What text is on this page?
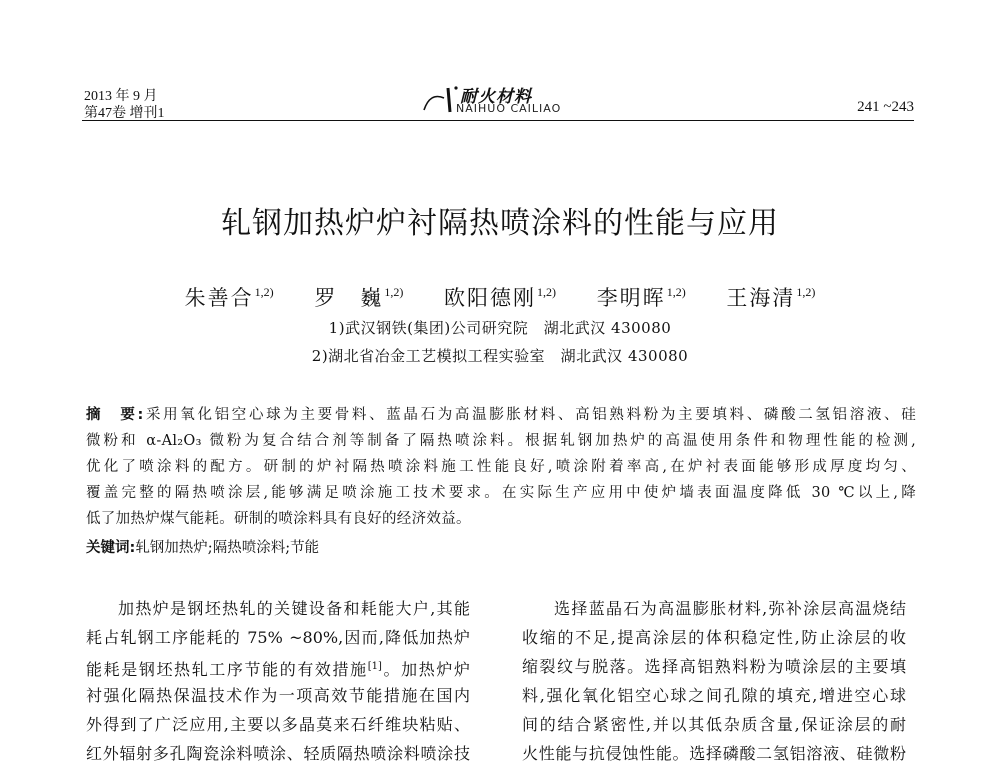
2013 年 9 月
第47卷 增刊1
耐火材料
NAIHUO CAILIAO	241 ~243
轧钢加热炉炉衬隔热喷涂料的性能与应用
朱善合$^{1,2)}$ 罗　巍$^{1,2)}$ 欧阳德刚$^{1,2)}$ 李明晖$^{1,2)}$ 王海清$^{1,2)}$
1)武汉钢铁(集团)公司研究院　湖北武汉 430080
2)湖北省冶金工艺模拟工程实验室　湖北武汉 430080
摘　要:采用氧化铝空心球为主要骨料、蓝晶石为高温膨胀材料、高铝熟料粉为主要填料、磷酸二氢铝溶液、硅
微粉和 α-Al₂O₃ 微粉为复合结合剂等制备了隔热喷涂料。根据轧钢加热炉的高温使用条件和物理性能的检测,
优化了喷涂料的配方。研制的炉衬隔热喷涂料施工性能良好,喷涂附着率高,在炉衬表面能够形成厚度均匀、
覆盖完整的隔热喷涂层,能够满足喷涂施工技术要求。在实际生产应用中使炉墙表面温度降低 30 ℃以上,降
低了加热炉煤气能耗。研制的喷涂料具有良好的经济效益。
关键词:轧钢加热炉;隔热喷涂料;节能
加热炉是钢坯热轧的关键设备和耗能大户,其能
耗占轧钢工序能耗的 75% ~80%,因而,降低加热炉
能耗是钢坯热轧工序节能的有效措施[1]。加热炉炉
衬强化隔热保温技术作为一项高效节能措施在国内
外得到了广泛应用,主要以多晶莫来石纤维块粘贴、
红外辐射多孔陶瓷涂料喷涂、轻质隔热喷涂料喷涂技
选择蓝晶石为高温膨胀材料,弥补涂层高温烧结
收缩的不足,提高涂层的体积稳定性,防止涂层的收
缩裂纹与脱落。选择高铝熟料粉为喷涂层的主要填
料,强化氧化铝空心球之间孔隙的填充,增进空心球
间的结合紧密性,并以其低杂质含量,保证涂层的耐
火性能与抗侵蚀性能。选择磷酸二氢铝溶液、硅微粉
